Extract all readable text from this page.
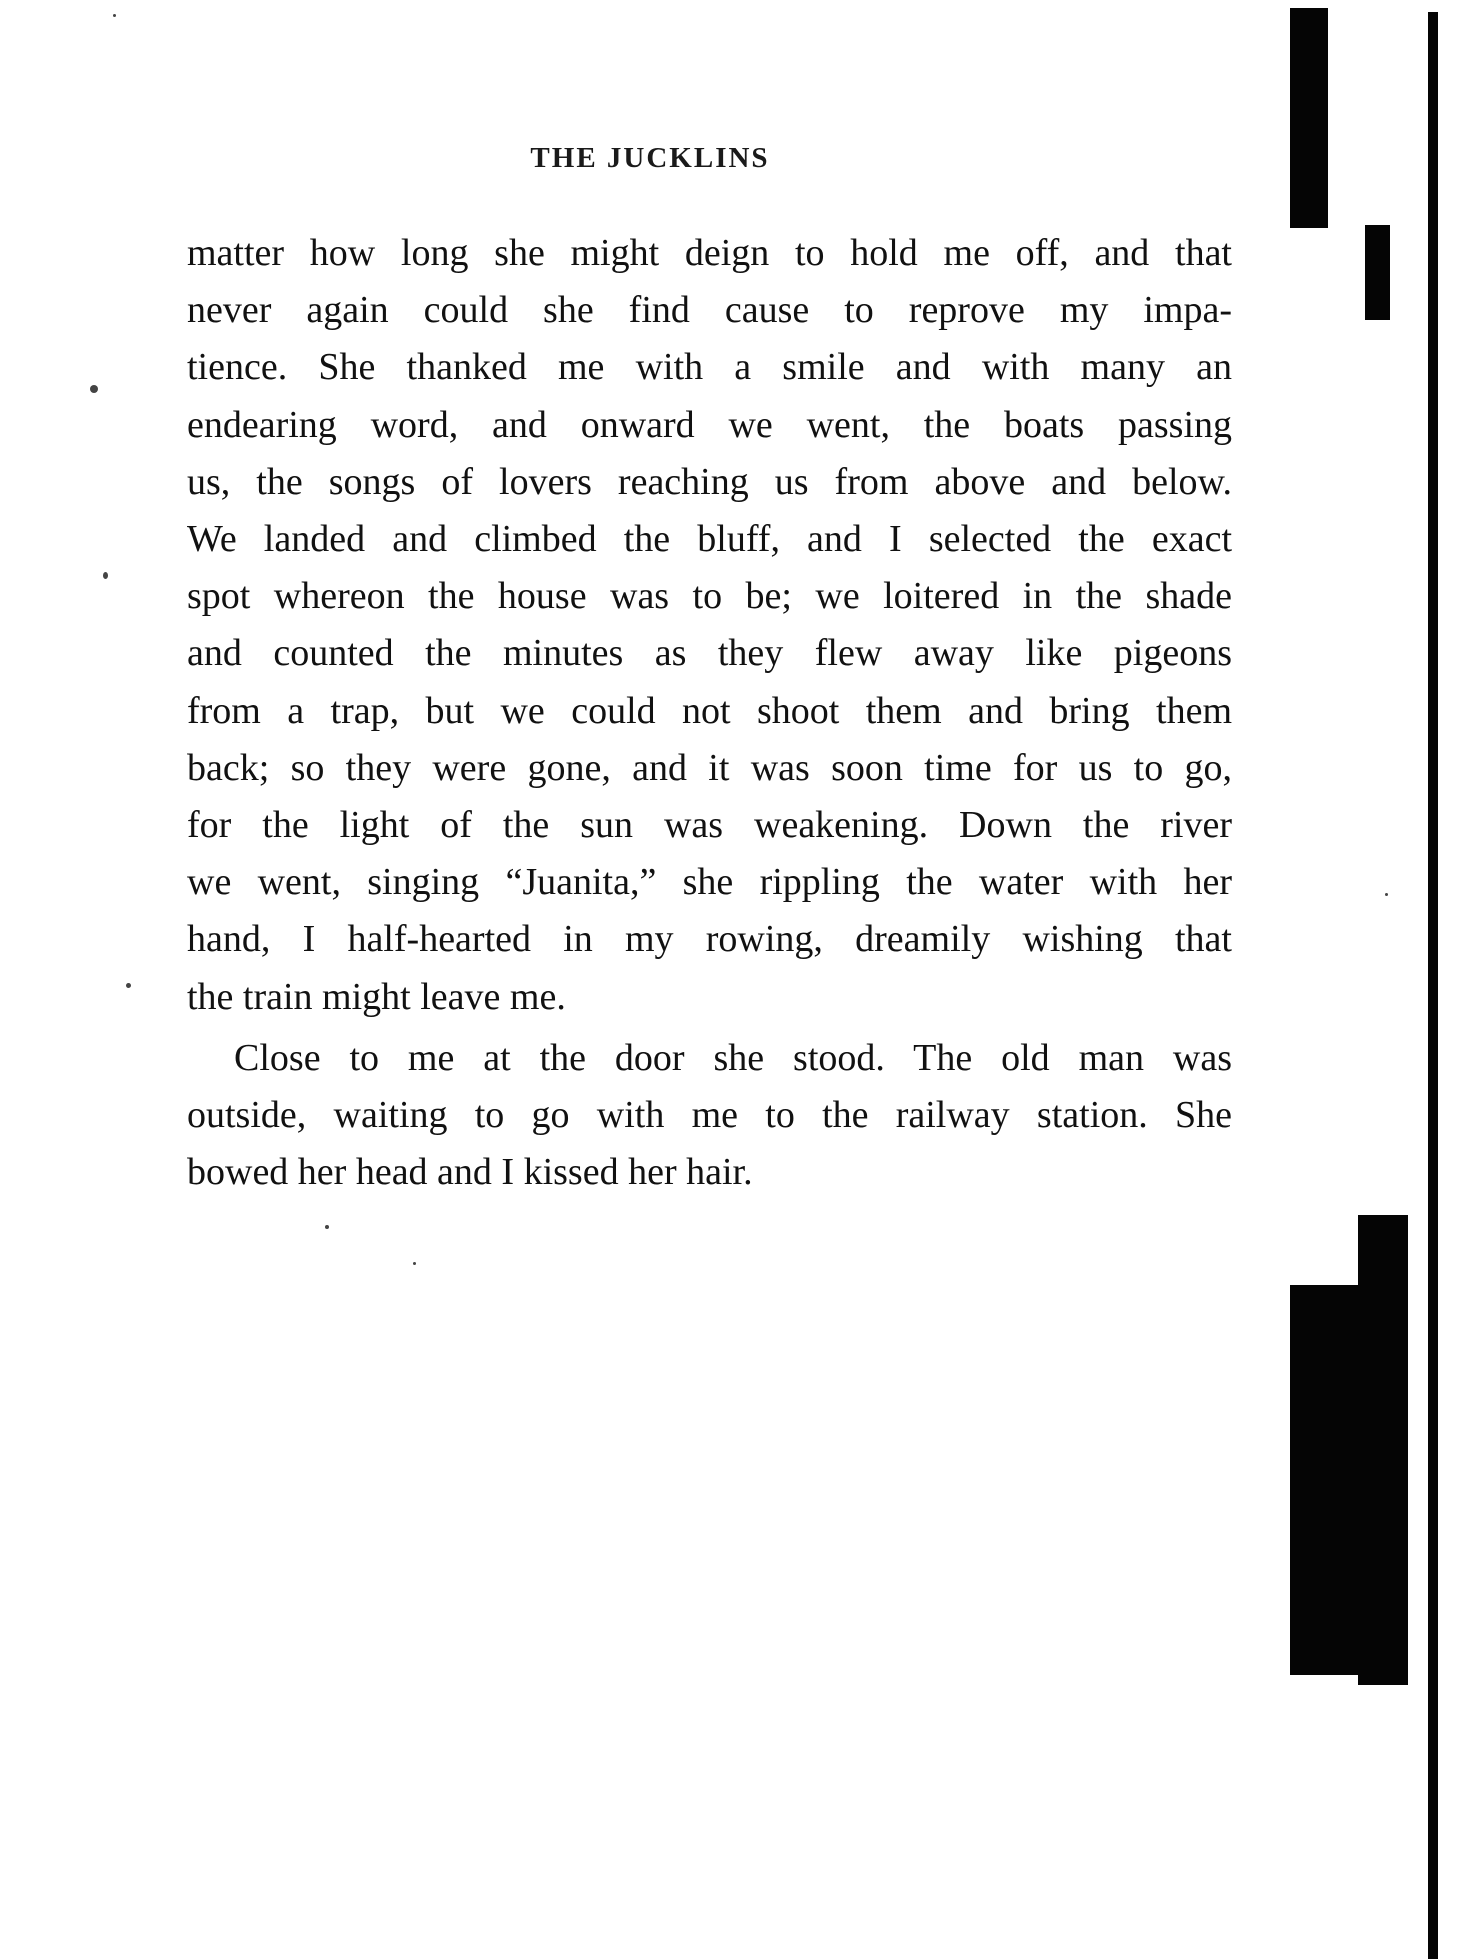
THE JUCKLINS
matter how long she might deign to hold me off, and that
never again could she find cause to reprove my impa-
tience. She thanked me with a smile and with many an
endearing word, and onward we went, the boats passing
us, the songs of lovers reaching us from above and below.
We landed and climbed the bluff, and I selected the exact
spot whereon the house was to be; we loitered in the shade
and counted the minutes as they flew away like pigeons
from a trap, but we could not shoot them and bring them
back; so they were gone, and it was soon time for us to go,
for the light of the sun was weakening. Down the river
we went, singing “Juanita,” she rippling the water with her
hand, I half-hearted in my rowing, dreamily wishing that
the train might leave me.
Close to me at the door she stood. The old man was
outside, waiting to go with me to the railway station. She
bowed her head and I kissed her hair.
